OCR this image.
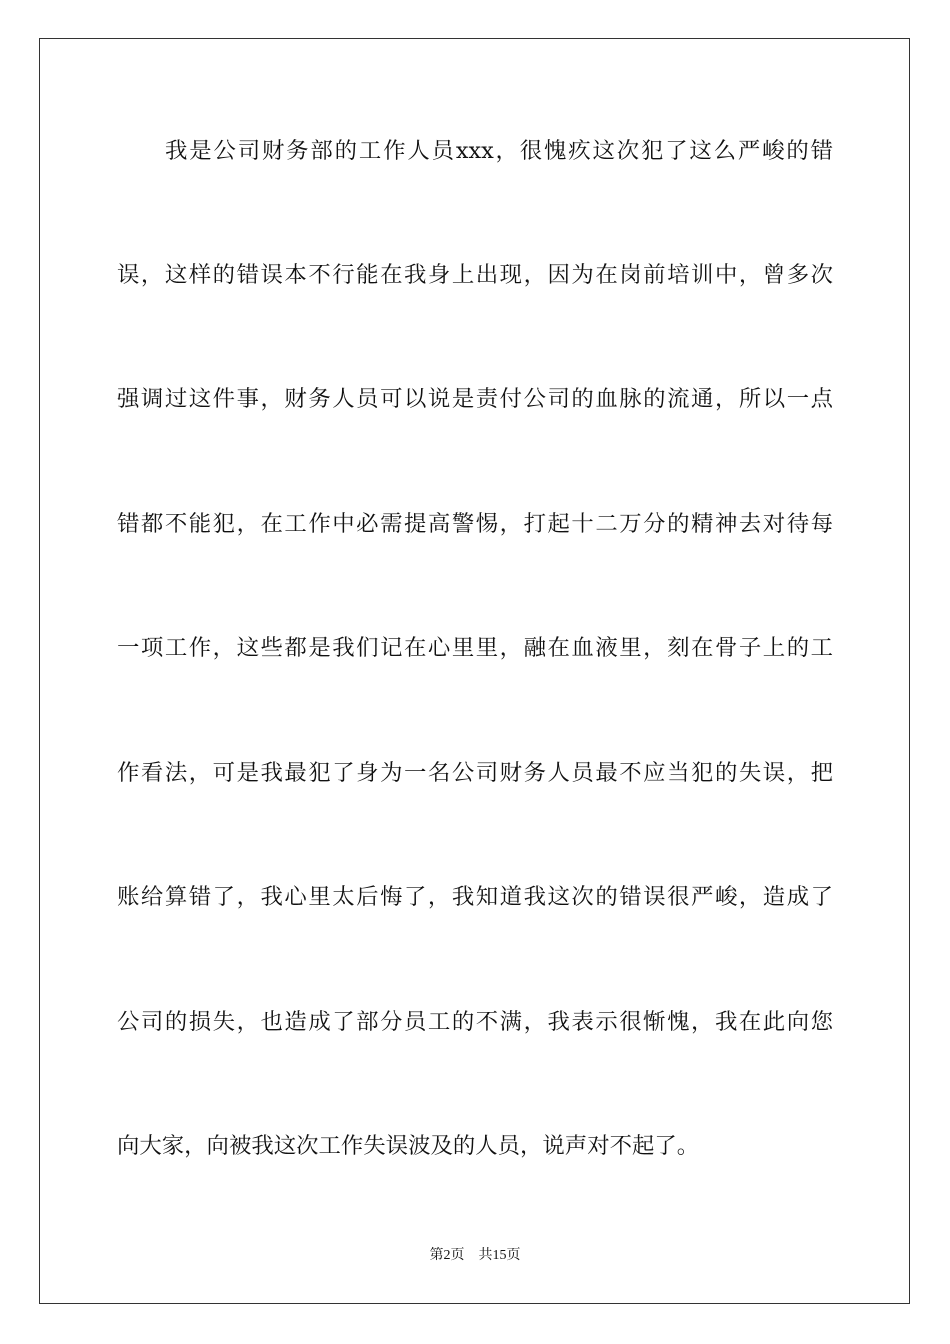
我是公司财务部的工作人员xxx，很愧疚这次犯了这么严峻的错
误，这样的错误本不行能在我身上出现，因为在岗前培训中，曾多次
强调过这件事，财务人员可以说是责付公司的血脉的流通，所以一点
错都不能犯，在工作中必需提高警惕，打起十二万分的精神去对待每
一项工作，这些都是我们记在心里里，融在血液里，刻在骨子上的工
作看法，可是我最犯了身为一名公司财务人员最不应当犯的失误，把
账给算错了，我心里太后悔了，我知道我这次的错误很严峻，造成了
公司的损失，也造成了部分员工的不满，我表示很惭愧，我在此向您
向大家，向被我这次工作失误波及的人员，说声对不起了。
第2页 共15页
